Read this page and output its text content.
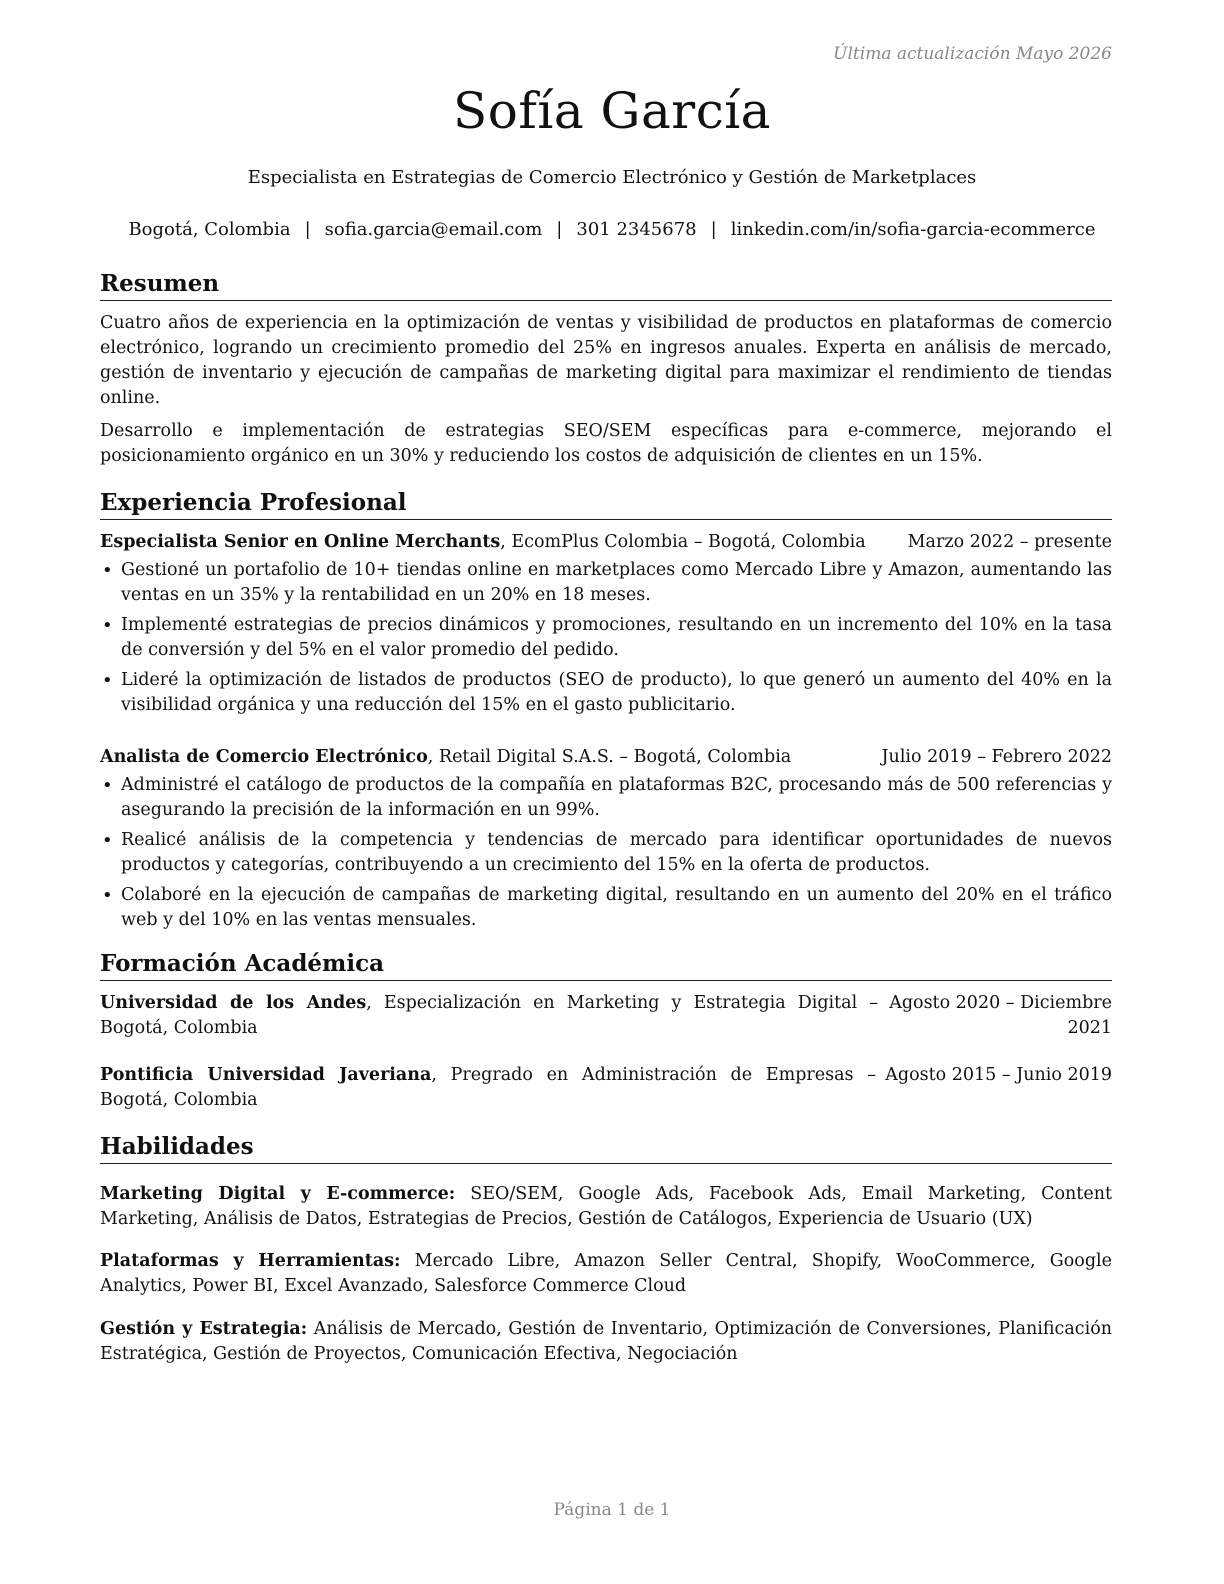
Última actualización Mayo 2026
Sofía García
Especialista en Estrategias de Comercio Electrónico y Gestión de Marketplaces
Bogotá, Colombia | sofia.garcia@email.com | 301 2345678 | linkedin.com/in/sofia-garcia-ecommerce
Resumen

Cuatro años de experiencia en la optimización de ventas y visibilidad de productos en plataformas de comercio electrónico, logrando un crecimiento promedio del 25% en ingresos anuales. Experta en análisis de mercado, gestión de inventario y ejecución de campañas de marketing digital para maximizar el rendimiento de tiendas online.

Desarrollo e implementación de estrategias SEO/SEM específicas para e-commerce, mejorando el posicionamiento orgánico en un 30% y reduciendo los costos de adquisición de clientes en un 15%.

Experiencia Profesional
Especialista Senior en Online Merchants, EcomPlus Colombia – Bogotá, Colombia Marzo 2022 – presente
• Gestioné un portafolio de 10+ tiendas online en marketplaces como Mercado Libre y Amazon, aumentando las ventas en un 35% y la rentabilidad en un 20% en 18 meses.
• Implementé estrategias de precios dinámicos y promociones, resultando en un incremento del 10% en la tasa de conversión y del 5% en el valor promedio del pedido.
• Lideré la optimización de listados de productos (SEO de producto), lo que generó un aumento del 40% en la visibilidad orgánica y una reducción del 15% en el gasto publicitario.
Analista de Comercio Electrónico, Retail Digital S.A.S. – Bogotá, Colombia	Julio 2019 – Febrero 2022
• Administré el catálogo de productos de la compañía en plataformas B2C, procesando más de 500 referencias y asegurando la precisión de la información en un 99%.
• Realicé análisis de la competencia y tendencias de mercado para identificar oportunidades de nuevos productos y categorías, contribuyendo a un crecimiento del 15% en la oferta de productos.
• Colaboré en la ejecución de campañas de marketing digital, resultando en un aumento del 20% en el tráfico web y del 10% en las ventas mensuales.
Formación Académica
Universidad de los Andes, Especialización en Marketing y Estrategia Digital – Bogotá, Colombia
Agosto 2020 – Diciembre 2021
Pontificia Universidad Javeriana, Pregrado en Administración de Empresas – Bogotá, Colombia
Agosto 2015 – Junio 2019
Habilidades

Marketing Digital y E-commerce: SEO/SEM, Google Ads, Facebook Ads, Email Marketing, Content Marketing, Análisis de Datos, Estrategias de Precios, Gestión de Catálogos, Experiencia de Usuario (UX)

Plataformas y Herramientas: Mercado Libre, Amazon Seller Central, Shopify, WooCommerce, Google Analytics, Power BI, Excel Avanzado, Salesforce Commerce Cloud

Gestión y Estrategia: Análisis de Mercado, Gestión de Inventario, Optimización de Conversiones, Planificación Estratégica, Gestión de Proyectos, Comunicación Efectiva, Negociación

Página 1 de 1
